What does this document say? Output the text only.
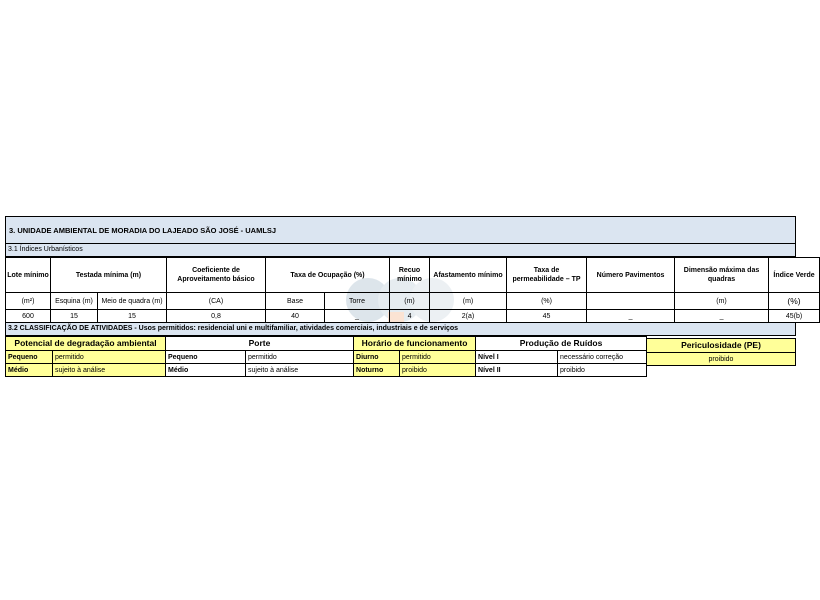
3. UNIDADE AMBIENTAL DE MORADIA DO LAJEADO SÃO JOSÉ - UAMLSJ
3.1 Índices Urbanísticos
Lote mínimo	Testada mínima (m)		Coeficiente de Aproveitamento básico	Taxa de Ocupação (%)		Recuo mínimo	Afastamento mínimo	Taxa de permeabilidade – TP	Número Pavimentos	Dimensão máxima das quadras	Índice Verde
(m²)	Esquina (m)	Meio de quadra (m)	(CA)	Base	Torre	(m)	(m)	(%)		(m)	(%)
600	15	15	0,8	40	_	4	2(a)	45	_	_	45(b)
3.2 CLASSIFICAÇÃO DE ATIVIDADES - Usos permitidos: residencial uni e multifamiliar, atividades comerciais, industriais e de serviços
Potencial de degradação ambiental		Porte		Horário de funcionamento		Produção de Ruídos	
Pequeno	permitido	Pequeno	permitido	Diurno	permitido	Nível I	necessário correção
Médio	sujeito à análise	Médio	sujeito à análise	Noturno	proibido	Nível II	proibido
Periculosidade (PE)
proibido
